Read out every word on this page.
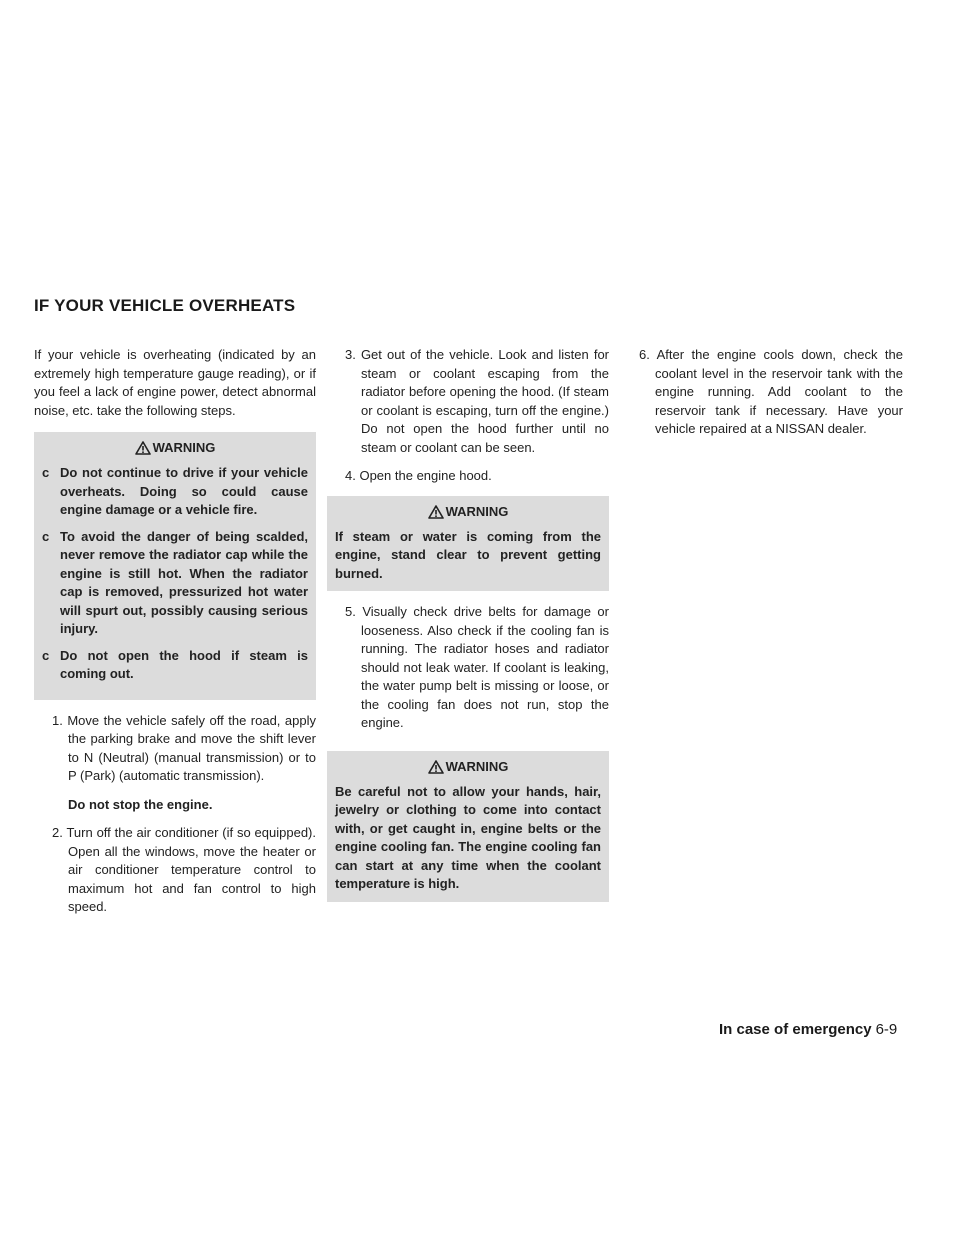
IF YOUR VEHICLE OVERHEATS

If your vehicle is overheating (indicated by an extremely high temperature gauge reading), or if you feel a lack of engine power, detect abnormal noise, etc. take the following steps.

WARNING
c Do not continue to drive if your vehicle overheats. Doing so could cause engine damage or a vehicle fire.
c To avoid the danger of being scalded, never remove the radiator cap while the engine is still hot. When the radiator cap is removed, pressurized hot water will spurt out, possibly causing serious injury.
c Do not open the hood if steam is coming out.
1. Move the vehicle safely off the road, apply the parking brake and move the shift lever to N (Neutral) (manual transmission) or to P (Park) (automatic transmission).
Do not stop the engine.
2. Turn off the air conditioner (if so equipped). Open all the windows, move the heater or air conditioner temperature control to maximum hot and fan control to high speed.
3. Get out of the vehicle. Look and listen for steam or coolant escaping from the radiator before opening the hood. (If steam or coolant is escaping, turn off the engine.) Do not open the hood further until no steam or coolant can be seen.
4. Open the engine hood.
WARNING
If steam or water is coming from the engine, stand clear to prevent getting burned.
5. Visually check drive belts for damage or looseness. Also check if the cooling fan is running. The radiator hoses and radiator should not leak water. If coolant is leaking, the water pump belt is missing or loose, or the cooling fan does not run, stop the engine.
WARNING
Be careful not to allow your hands, hair, jewelry or clothing to come into contact with, or get caught in, engine belts or the engine cooling fan. The engine cooling fan can start at any time when the coolant temperature is high.
6. After the engine cools down, check the coolant level in the reservoir tank with the engine running. Add coolant to the reservoir tank if necessary. Have your vehicle repaired at a NISSAN dealer.
In case of emergency 6-9
